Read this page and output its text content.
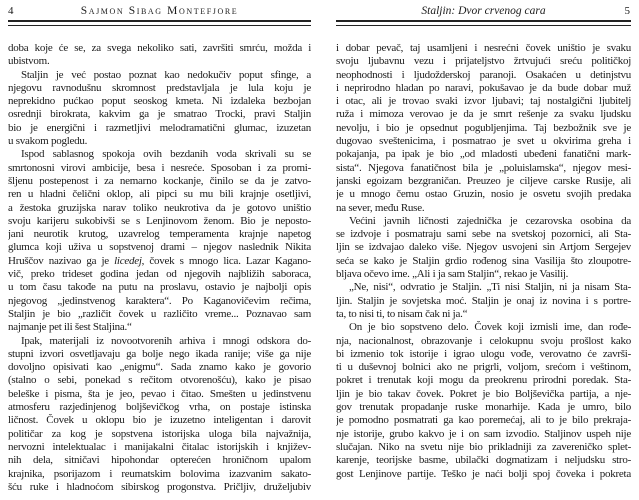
4	Sajmon Sibag Montefjore
doba koje će se, za svega nekoliko sati, završiti smrću, možda i
ubistvom.
Staljin je već postao poznat kao nedokučiv poput sfinge, a
njegovu ravnodušnu skromnost predstavljala je lula koju je
neprekidno pućkao poput seoskog kmeta. Ni izdaleka bezbojan
osrednji birokrata, kakvim ga je smatrao Trocki, pravi Staljin
bio je energični i razmetljivi melodramatični glumac, izuzetan
u svakom pogledu.
Ispod sablasnog spokoja ovih bezdanih voda skrivali su se
smrtonosni virovi ambicije, besa i nesreće. Sposoban i za promi-
šljenu postepenost i za nemarno kockanje, činilo se da je zatvo-
ren u hladni čelični oklop, ali pipci su mu bili krajnje osetljivi,
a žestoka gruzijska narav toliko neukrotiva da je gotovo uništio
svoju karijeru sukobivši se s Lenjinovom ženom. Bio je neposto-
jani neurotik krutog, uzavrelog temperamenta krajnje napetog
glumca koji uživa u sopstvenoj drami – njegov naslednik Nikita
Hruščov nazivao ga je licedej, čovek s mnogo lica. Lazar Kagano-
vič, preko trideset godina jedan od njegovih najbližih saboraca,
u tom času takođe na putu na proslavu, ostavio je najbolji opis
njegovog „jedinstvenog karaktera“. Po Kaganovičevim rečima,
Staljin je bio „različit čovek u različito vreme... Poznavao sam
najmanje pet ili šest Staljina.“
Ipak, materijali iz novootvorenih arhiva i mnogi odskora do-
stupni izvori osvetljavaju ga bolje nego ikada ranije; više ga nije
dovoljno opisivati kao „enigmu“. Sada znamo kako je govorio
(stalno o sebi, ponekad s rečitom otvorenošću), kako je pisao
beleške i pisma, šta je jeo, pevao i čitao. Smešten u jedinstvenu
atmosferu razjedinjenog boljševičkog vrha, on postaje istinska
ličnost. Čovek u oklopu bio je izuzetno inteligentan i darovit
političar za kog je sopstvena istorijska uloga bila najvažnija,
nervozni intelektualac i manijakalni čitalac istorijskih i književ-
nih dela, sitničavi hipohondar opterećen hroničnom upalom
krajnika, psorijazom i reumatskim bolovima izazvanim sakato-
šću ruke i hladnoćom sibirskog progonstva. Pričljiv, druželjubiv
5
Staljin: Dvor crvenog cara
i dobar pevač, taj usamljeni i nesrećni čovek uništio je svaku
svoju ljubavnu vezu i prijateljstvo žrtvujući sreću političkoj
neophodnosti i ljudožderskoj paranoji. Osakaćen u detinjstvu
i neprirodno hladan po naravi, pokušavao je da bude dobar muž
i otac, ali je trovao svaki izvor ljubavi; taj nostalgični ljubitelj
ruža i mimoza verovao je da je smrt rešenje za svaku ljudsku
nevolju, i bio je opsednut pogubljenjima. Taj bezbožnik sve je
dugovao sveštenicima, i posmatrao je svet u okvirima greha i
pokajanja, pa ipak je bio „od mladosti ubeđeni fanatični mark-
sista“. Njegova fanatičnost bila je „poluislamska“, njegov mesi-
janski egoizam bezgraničan. Preuzeo je ciljeve carske Rusije, ali
je u mnogo čemu ostao Gruzin, nosio je osvetu svojih predaka
na sever, među Ruse.
Većini javnih ličnosti zajednička je cezarovska osobina da
se izdvoje i posmatraju sami sebe na svetskoj pozornici, ali Sta-
ljin se izdvajao daleko više. Njegov usvojeni sin Artjom Sergejev
seća se kako je Staljin grdio rođenog sina Vasilija što zloupotre-
bljava očevo ime. „Ali i ja sam Staljin“, rekao je Vasilij.
„Ne, nisi“, odvratio je Staljin. „Ti nisi Staljin, ni ja nisam Sta-
ljin. Staljin je sovjetska moć. Staljin je onaj iz novina i s portre-
ta, to nisi ti, to nisam čak ni ja.“
On je bio sopstveno delo. Čovek koji izmisli ime, dan rođe-
nja, nacionalnost, obrazovanje i celokupnu svoju prošlost kako
bi izmenio tok istorije i igrao ulogu vođe, verovatno će završi-
ti u duševnoj bolnici ako ne prigrli, voljom, srećom i veštinom,
pokret i trenutak koji mogu da preokrenu prirodni poredak. Sta-
ljin je bio takav čovek. Pokret je bio Boljševička partija, a nje-
gov trenutak propadanje ruske monarhije. Kada je umro, bilo
je pomodno posmatrati ga kao poremećaj, ali to je bilo prekraja-
nje istorije, grubo kakvo je i on sam izvodio. Staljinov uspeh nije
slučajan. Niko na svetu nije bio prikladniji za zavereničko splet-
karenje, teorijske basme, ubilački dogmatizam i neljudsku stro-
gost Lenjinove partije. Teško je naći bolji spoj čoveka i pokreta
